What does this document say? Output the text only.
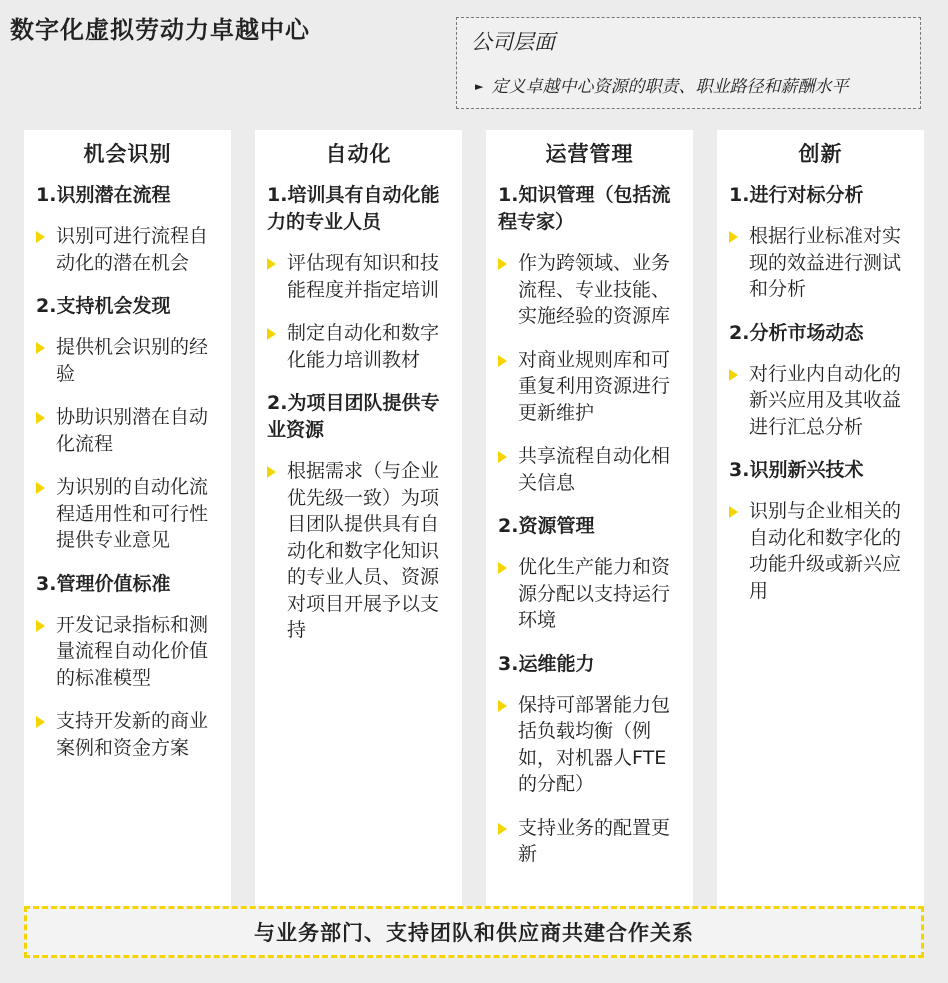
数字化虚拟劳动力卓越中心	公司层面
► 定义卓越中心资源的职责、职业路径和薪酬水平
机会识别
1.识别潜在流程
识别可进行流程自动化的潜在机会
2.支持机会发现
提供机会识别的经验
协助识别潜在自动化流程
为识别的自动化流程适用性和可行性提供专业意见
3.管理价值标准
开发记录指标和测量流程自动化价值的标准模型
支持开发新的商业案例和资金方案
自动化
1.培训具有自动化能力的专业人员
评估现有知识和技能程度并指定培训
制定自动化和数字化能力培训教材
2.为项目团队提供专业资源
根据需求（与企业优先级一致）为项目团队提供具有自动化和数字化知识的专业人员、资源对项目开展予以支持
运营管理
1.知识管理（包括流程专家）
作为跨领域、业务流程、专业技能、实施经验的资源库
对商业规则库和可重复利用资源进行更新维护
共享流程自动化相关信息
2.资源管理
优化生产能力和资源分配以支持运行环境
3.运维能力
保持可部署能力包括负载均衡（例如，对机器人FTE的分配）
支持业务的配置更新
创新
1.进行对标分析
根据行业标准对实现的效益进行测试和分析
2.分析市场动态
对行业内自动化的新兴应用及其收益进行汇总分析
3.识别新兴技术
识别与企业相关的自动化和数字化的功能升级或新兴应用
与业务部门、支持团队和供应商共建合作关系
